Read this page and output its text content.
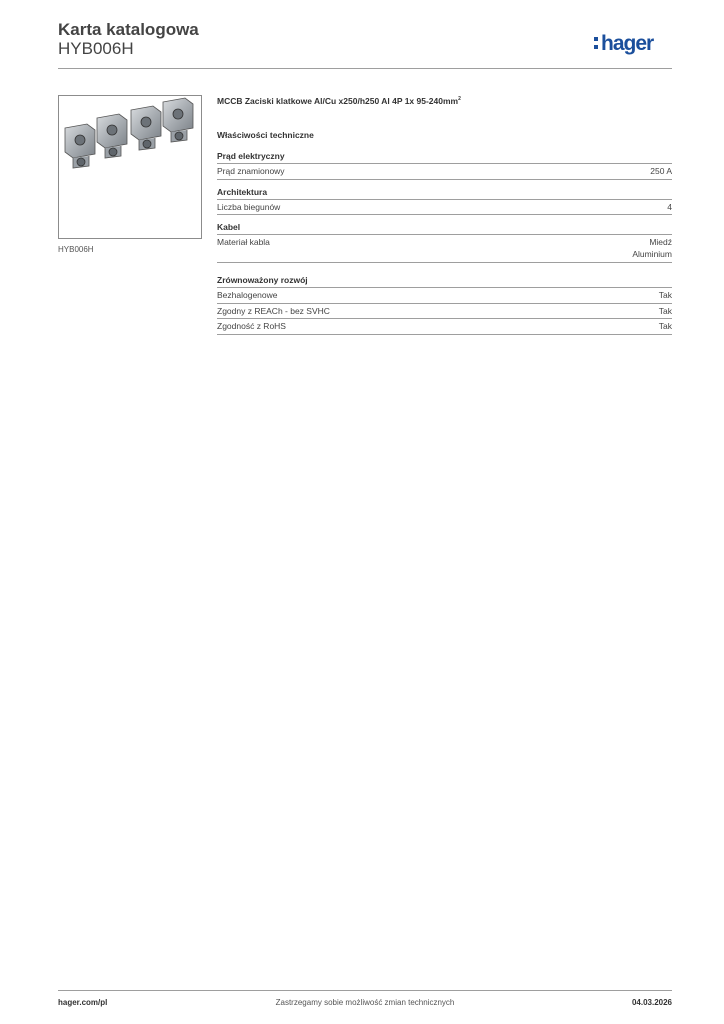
Karta katalogowa
HYB006H	hager
HYB006H
MCCB Zaciski klatkowe Al/Cu x250/h250 Al 4P 1x $95-240mm^2$
Właściwości techniczne
Prąd elektryczny
Prąd znamionowy	250 A
Architektura
Liczba biegunów	4
Kabel
Materiał kabla	Miedź
Aluminium
Zrównoważony rozwój
Bezhalogenowe	Tak
Zgodny z REACh - bez SVHC	Tak
Zgodność z RoHS	Tak
hager.com/pl	Zastrzegamy sobie możliwość zmian technicznych	04.03.2026
